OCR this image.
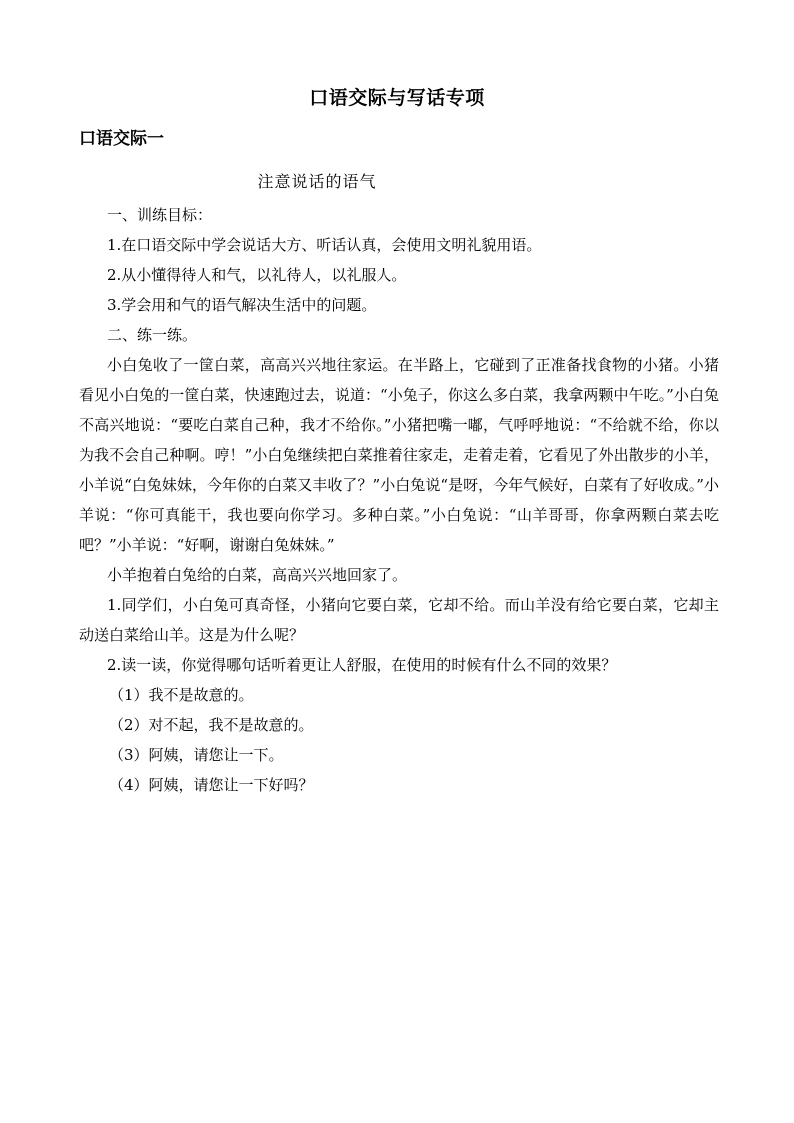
口语交际与写话专项
口语交际一
注意说话的语气
一、训练目标：
1.在口语交际中学会说话大方、听话认真，会使用文明礼貌用语。
2.从小懂得待人和气，以礼待人，以礼服人。
3.学会用和气的语气解决生活中的问题。
二、练一练。
小白兔收了一筐白菜，高高兴兴地往家运。在半路上，它碰到了正准备找食物的小猪。小猪看见小白兔的一筐白菜，快速跑过去，说道：“小兔子，你这么多白菜，我拿两颗中午吃。”小白兔不高兴地说：“要吃白菜自己种，我才不给你。”小猪把嘴一嘟，气呼呼地说：“不给就不给，你以为我不会自己种啊。哼！”小白兔继续把白菜推着往家走，走着走着，它看见了外出散步的小羊，小羊说“白兔妹妹，今年你的白菜又丰收了？”小白兔说“是呀，今年气候好，白菜有了好收成。”小羊说：“你可真能干，我也要向你学习。多种白菜。”小白兔说：“山羊哥哥，你拿两颗白菜去吃吧？”小羊说：“好啊，谢谢白兔妹妹。”
小羊抱着白兔给的白菜，高高兴兴地回家了。
1.同学们，小白兔可真奇怪，小猪向它要白菜，它却不给。而山羊没有给它要白菜，它却主动送白菜给山羊。这是为什么呢？
2.读一读，你觉得哪句话听着更让人舒服，在使用的时候有什么不同的效果？
（1）我不是故意的。
（2）对不起，我不是故意的。
（3）阿姨，请您让一下。
（4）阿姨，请您让一下好吗？
